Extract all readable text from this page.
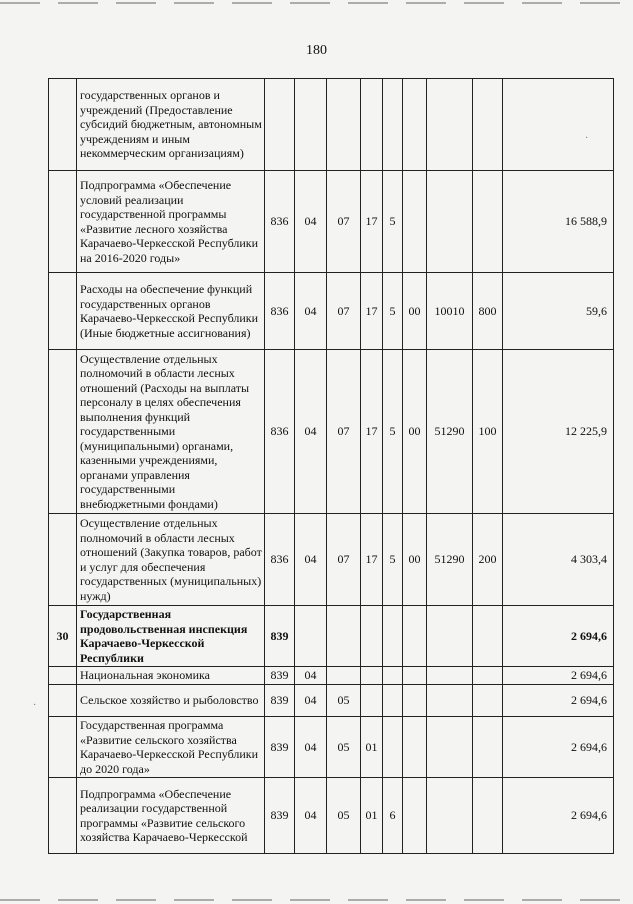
180
	государственных органов и учреждений (Предоставление субсидий бюджетным, автономным учреждениям и иным некоммерческим организациям)									
	Подпрограмма «Обеспечение условий реализации государственной программы «Развитие лесного хозяйства Карачаево-Черкесской Республики на 2016-2020 годы»	836	04	07	17	5				16 588,9
	Расходы на обеспечение функций государственных органов Карачаево-Черкесской Республики (Иные бюджетные ассигнования)	836	04	07	17	5	00	10010	800	59,6
	Осуществление отдельных полномочий в области лесных отношений (Расходы на выплаты персоналу в целях обеспечения выполнения функций государственными (муниципальными) органами, казенными учреждениями, органами управления государственными внебюджетными фондами)	836	04	07	17	5	00	51290	100	12 225,9
	Осуществление отдельных полномочий в области лесных отношений (Закупка товаров, работ и услуг для обеспечения государственных (муниципальных) нужд)	836	04	07	17	5	00	51290	200	4 303,4
30	Государственная продовольственная инспекция Карачаево-Черкесской Республики	839								2 694,6
	Национальная экономика	839	04							2 694,6
	Сельское хозяйство и рыболовство	839	04	05						2 694,6
	Государственная программа «Развитие сельского хозяйства Карачаево-Черкесской Республики до 2020 года»	839	04	05	01					2 694,6
	Подпрограмма «Обеспечение реализации государственной программы «Развитие сельского хозяйства Карачаево-Черкесской	839	04	05	01	6				2 694,6
·
·
